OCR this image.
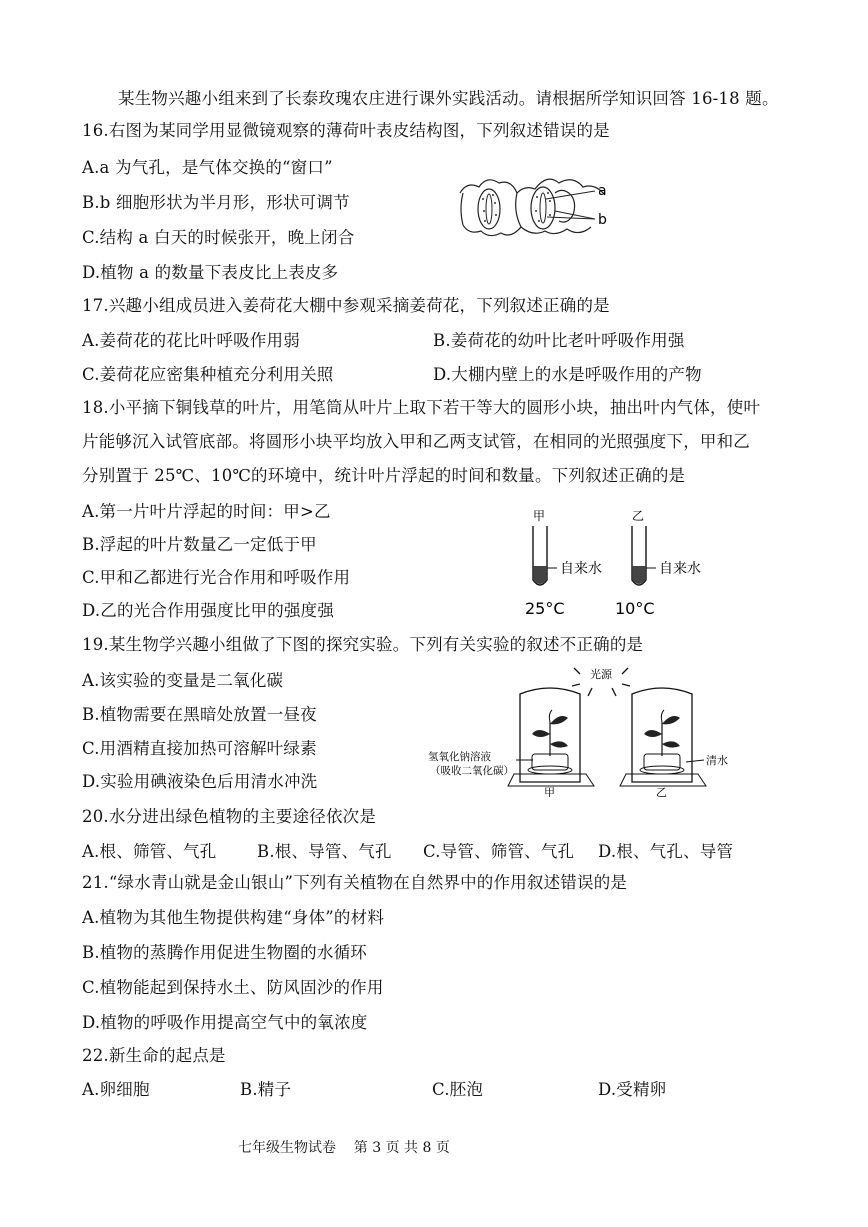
某生物兴趣小组来到了长泰玫瑰农庄进行课外实践活动。请根据所学知识回答 16-18 题。
16.右图为某同学用显微镜观察的薄荷叶表皮结构图，下列叙述错误的是
A.a 为气孔，是气体交换的“窗口”
B.b 细胞形状为半月形，形状可调节
C.结构 a 白天的时候张开，晚上闭合
D.植物 a 的数量下表皮比上表皮多
a
b
17.兴趣小组成员进入姜荷花大棚中参观采摘姜荷花，下列叙述正确的是
A.姜荷花的花比叶呼吸作用弱	B.姜荷花的幼叶比老叶呼吸作用强
C.姜荷花应密集种植充分利用关照	D.大棚内壁上的水是呼吸作用的产物
18.小平摘下铜钱草的叶片，用笔筒从叶片上取下若干等大的圆形小块，抽出叶内气体，使叶
片能够沉入试管底部。将圆形小块平均放入甲和乙两支试管，在相同的光照强度下，甲和乙
分别置于 25℃、10℃的环境中，统计叶片浮起的时间和数量。下列叙述正确的是
A.第一片叶片浮起的时间：甲>乙
B.浮起的叶片数量乙一定低于甲
C.甲和乙都进行光合作用和呼吸作用
D.乙的光合作用强度比甲的强度强
甲
自来水
25°C
乙
自来水
10°C
19.某生物学兴趣小组做了下图的探究实验。下列有关实验的叙述不正确的是
A.该实验的变量是二氧化碳
B.植物需要在黑暗处放置一昼夜
C.用酒精直接加热可溶解叶绿素
D.实验用碘液染色后用清水冲洗
光源
氢氧化钠溶液
（吸收二氧化碳）
甲
清水
乙
20.水分进出绿色植物的主要途径依次是
A.根、筛管、气孔 B.根、导管、气孔 C.导管、筛管、气孔 D.根、气孔、导管
21.“绿水青山就是金山银山”下列有关植物在自然界中的作用叙述错误的是
A.植物为其他生物提供构建“身体”的材料
B.植物的蒸腾作用促进生物圈的水循环
C.植物能起到保持水土、防风固沙的作用
D.植物的呼吸作用提高空气中的氧浓度
22.新生命的起点是
A.卵细胞	B.精子	C.胚泡	D.受精卵
七年级生物试卷    第 3 页 共 8 页
